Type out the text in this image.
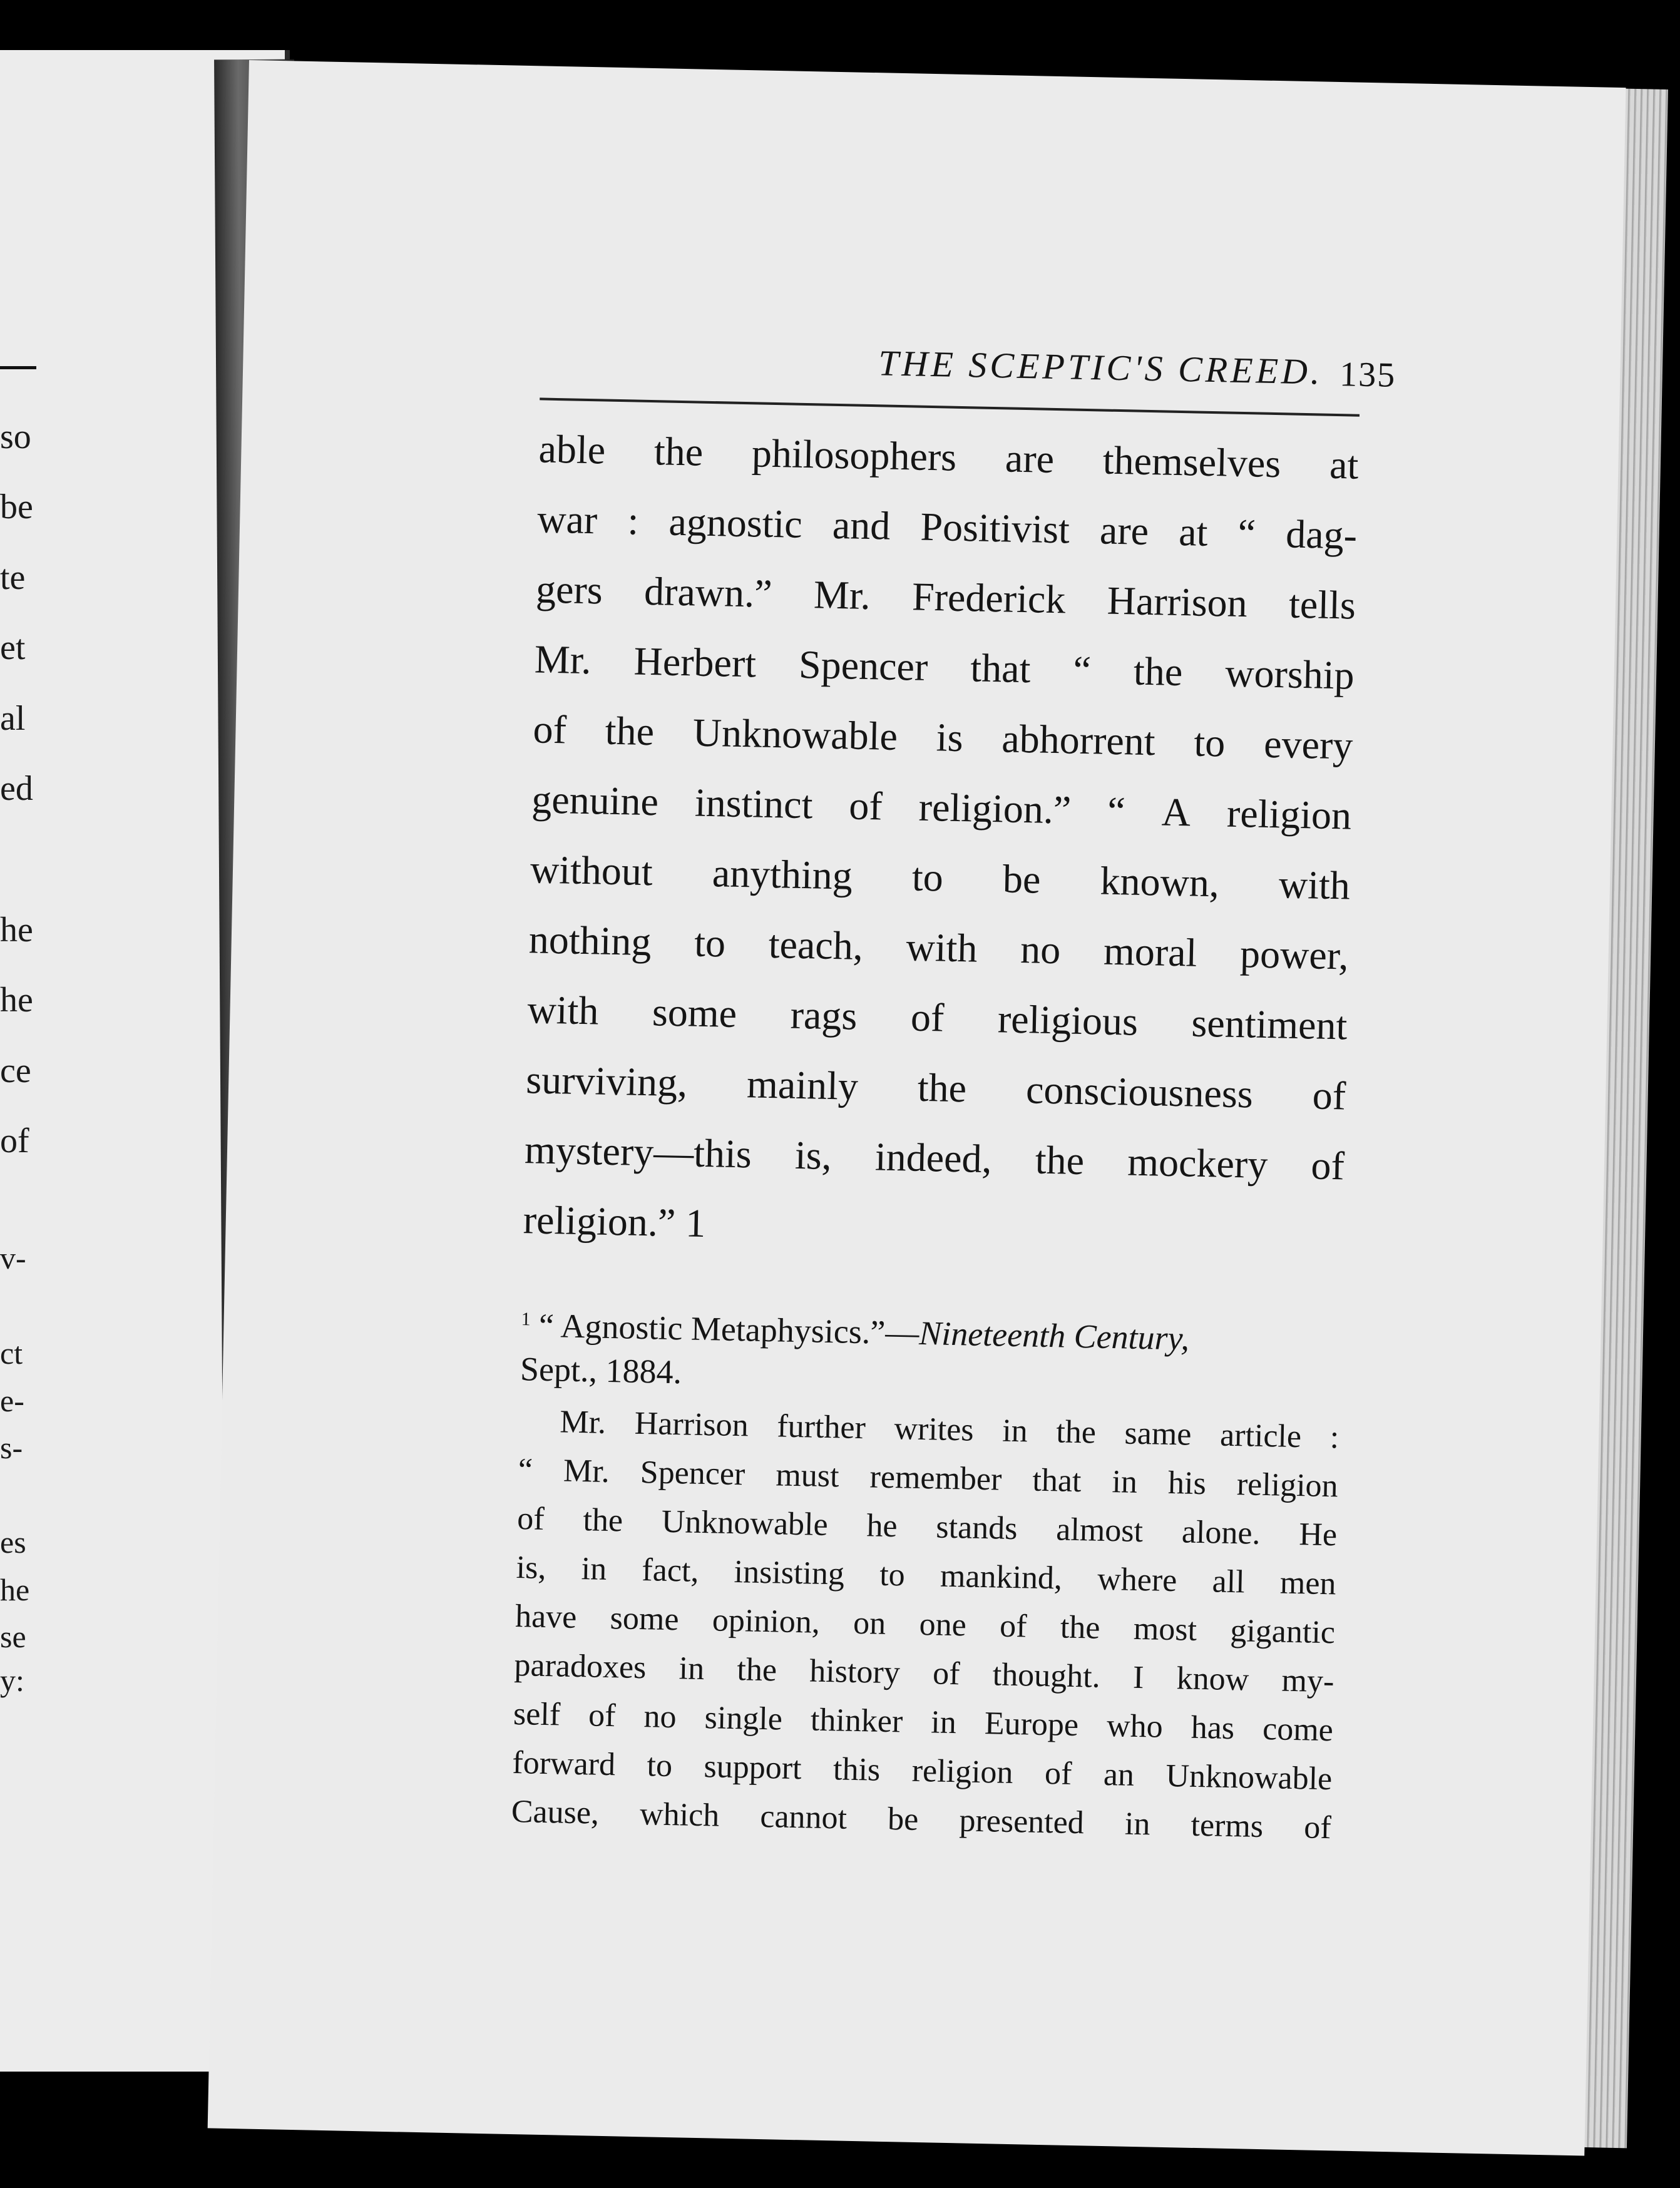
so
be
te
et
al
ed
he
he
ce
of
v-
ct
e-
s-
es
he
se
y:
THE SCEPTIC'S CREED. 135
able the philosophers are themselves at
war : agnostic and Positivist are at “ dag-
gers drawn.” Mr. Frederick Harrison tells
Mr. Herbert Spencer that “ the worship
of the Unknowable is abhorrent to every
genuine instinct of religion.” “ A religion
without anything to be known, with
nothing to teach, with no moral power,
with some rags of religious sentiment
surviving, mainly the consciousness of
mystery—this is, indeed, the mockery of
religion.” 1
$^1$ “ Agnostic Metaphysics.”—Nineteenth Century,
Sept., 1884.
Mr. Harrison further writes in the same article :
“ Mr. Spencer must remember that in his religion
of the Unknowable he stands almost alone. He
is, in fact, insisting to mankind, where all men
have some opinion, on one of the most gigantic
paradoxes in the history of thought. I know my-
self of no single thinker in Europe who has come
forward to support this religion of an Unknowable
Cause, which cannot be presented in terms of
